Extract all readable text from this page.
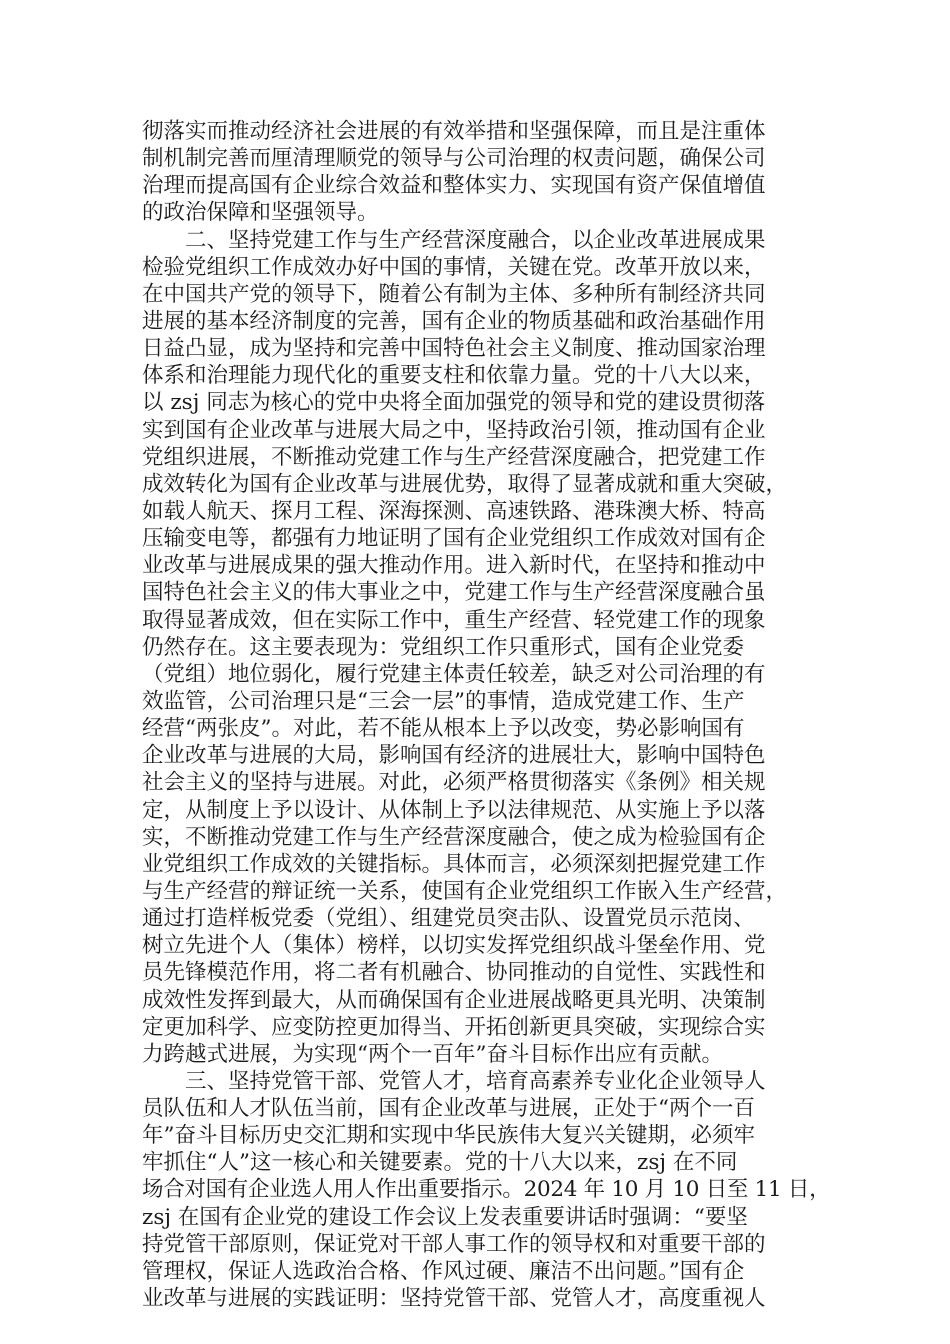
彻落实而推动经济社会进展的有效举措和坚强保障，而且是注重体
制机制完善而厘清理顺党的领导与公司治理的权责问题，确保公司
治理而提高国有企业综合效益和整体实力、实现国有资产保值增值
的政治保障和坚强领导。
　　二、坚持党建工作与生产经营深度融合，以企业改革进展成果
检验党组织工作成效办好中国的事情，关键在党。改革开放以来，
在中国共产党的领导下，随着公有制为主体、多种所有制经济共同
进展的基本经济制度的完善，国有企业的物质基础和政治基础作用
日益凸显，成为坚持和完善中国特色社会主义制度、推动国家治理
体系和治理能力现代化的重要支柱和依靠力量。党的十八大以来，
以 zsj 同志为核心的党中央将全面加强党的领导和党的建设贯彻落
实到国有企业改革与进展大局之中，坚持政治引领，推动国有企业
党组织进展，不断推动党建工作与生产经营深度融合，把党建工作
成效转化为国有企业改革与进展优势，取得了显著成就和重大突破，
如载人航天、探月工程、深海探测、高速铁路、港珠澳大桥、特高
压输变电等，都强有力地证明了国有企业党组织工作成效对国有企
业改革与进展成果的强大推动作用。进入新时代，在坚持和推动中
国特色社会主义的伟大事业之中，党建工作与生产经营深度融合虽
取得显著成效，但在实际工作中，重生产经营、轻党建工作的现象
仍然存在。这主要表现为：党组织工作只重形式，国有企业党委
（党组）地位弱化，履行党建主体责任较差，缺乏对公司治理的有
效监管，公司治理只是“三会一层”的事情，造成党建工作、生产
经营“两张皮”。对此，若不能从根本上予以改变，势必影响国有
企业改革与进展的大局，影响国有经济的进展壮大，影响中国特色
社会主义的坚持与进展。对此，必须严格贯彻落实《条例》相关规
定，从制度上予以设计、从体制上予以法律规范、从实施上予以落
实，不断推动党建工作与生产经营深度融合，使之成为检验国有企
业党组织工作成效的关键指标。具体而言，必须深刻把握党建工作
与生产经营的辩证统一关系，使国有企业党组织工作嵌入生产经营，
通过打造样板党委（党组）、组建党员突击队、设置党员示范岗、
树立先进个人（集体）榜样，以切实发挥党组织战斗堡垒作用、党
员先锋模范作用，将二者有机融合、协同推动的自觉性、实践性和
成效性发挥到最大，从而确保国有企业进展战略更具光明、决策制
定更加科学、应变防控更加得当、开拓创新更具突破，实现综合实
力跨越式进展，为实现“两个一百年”奋斗目标作出应有贡献。
　　三、坚持党管干部、党管人才，培育高素养专业化企业领导人
员队伍和人才队伍当前，国有企业改革与进展，正处于“两个一百
年”奋斗目标历史交汇期和实现中华民族伟大复兴关键期，必须牢
牢抓住“人”这一核心和关键要素。党的十八大以来，zsj 在不同
场合对国有企业选人用人作出重要指示。2024 年 10 月 10 日至 11 日，
zsj 在国有企业党的建设工作会议上发表重要讲话时强调：“要坚
持党管干部原则，保证党对干部人事工作的领导权和对重要干部的
管理权，保证人选政治合格、作风过硬、廉洁不出问题。”国有企
业改革与进展的实践证明：坚持党管干部、党管人才，高度重视人
